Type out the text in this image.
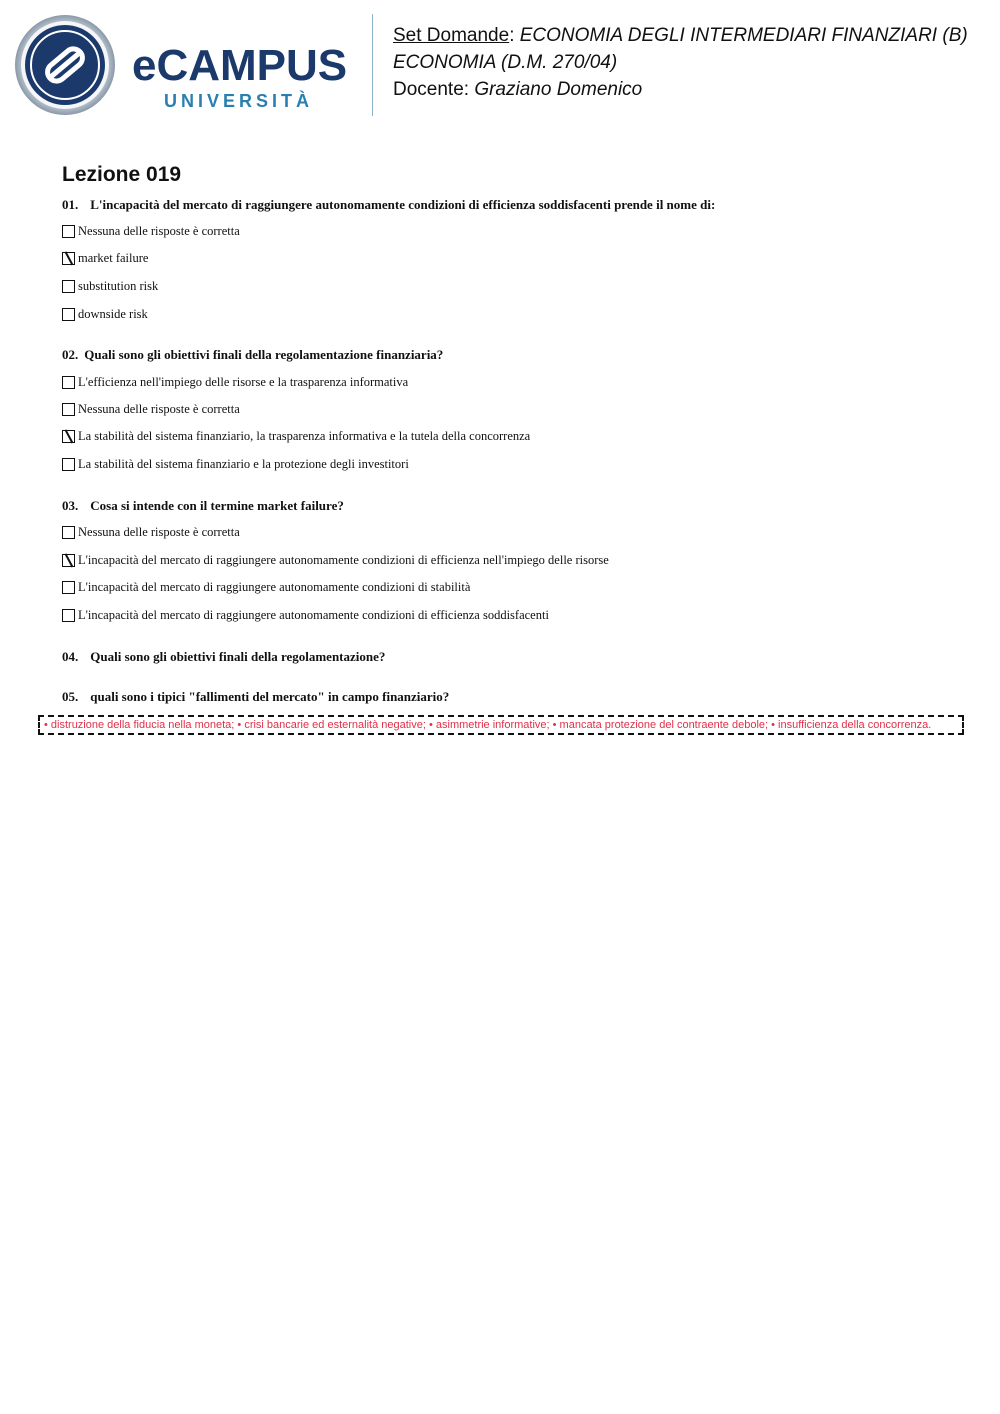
eCAMPUS
UNIVERSITÀ
Set Domande: ECONOMIA DEGLI INTERMEDIARI FINANZIARI (B)
ECONOMIA (D.M. 270/04)
Docente: Graziano Domenico
Lezione 019
01. L'incapacità del mercato di raggiungere autonomamente condizioni di efficienza soddisfacenti prende il nome di:
Nessuna delle risposte è corretta
market failure
substitution risk
downside risk
02. Quali sono gli obiettivi finali della regolamentazione finanziaria?
L'efficienza nell'impiego delle risorse e la trasparenza informativa
Nessuna delle risposte è corretta
La stabilità del sistema finanziario, la trasparenza informativa e la tutela della concorrenza
La stabilità del sistema finanziario e la protezione degli investitori
03. Cosa si intende con il termine market failure?
Nessuna delle risposte è corretta
L'incapacità del mercato di raggiungere autonomamente condizioni di efficienza nell'impiego delle risorse
L'incapacità del mercato di raggiungere autonomamente condizioni di stabilità
L'incapacità del mercato di raggiungere autonomamente condizioni di efficienza soddisfacenti
04. Quali sono gli obiettivi finali della regolamentazione?
05. quali sono i tipici "fallimenti del mercato" in campo finanziario?
• distruzione della fiducia nella moneta; • crisi bancarie ed esternalità negative; • asimmetrie informative; • mancata protezione del contraente debole; • insufficienza della concorrenza.
